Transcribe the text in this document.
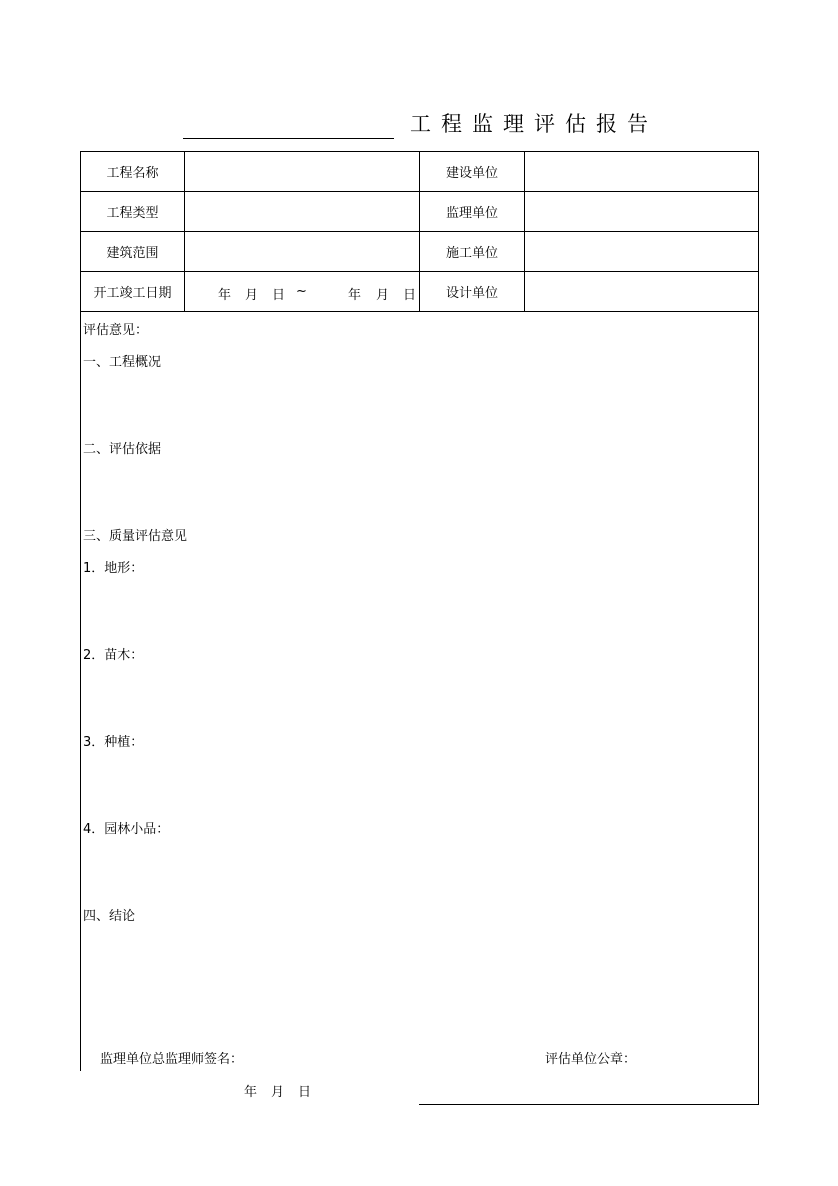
工程监理评估报告
工程名称
工程类型
建筑范围
开工竣工日期
建设单位
监理单位
施工单位
设计单位
年 月 日 ~	年 月 日
评估意见：
一、工程概况
二、评估依据
三、质量评估意见
1．地形：
2．苗木：
3．种植：
4．园林小品：
四、结论
监理单位总监理师签名：	评估单位公章：
年 月 日
